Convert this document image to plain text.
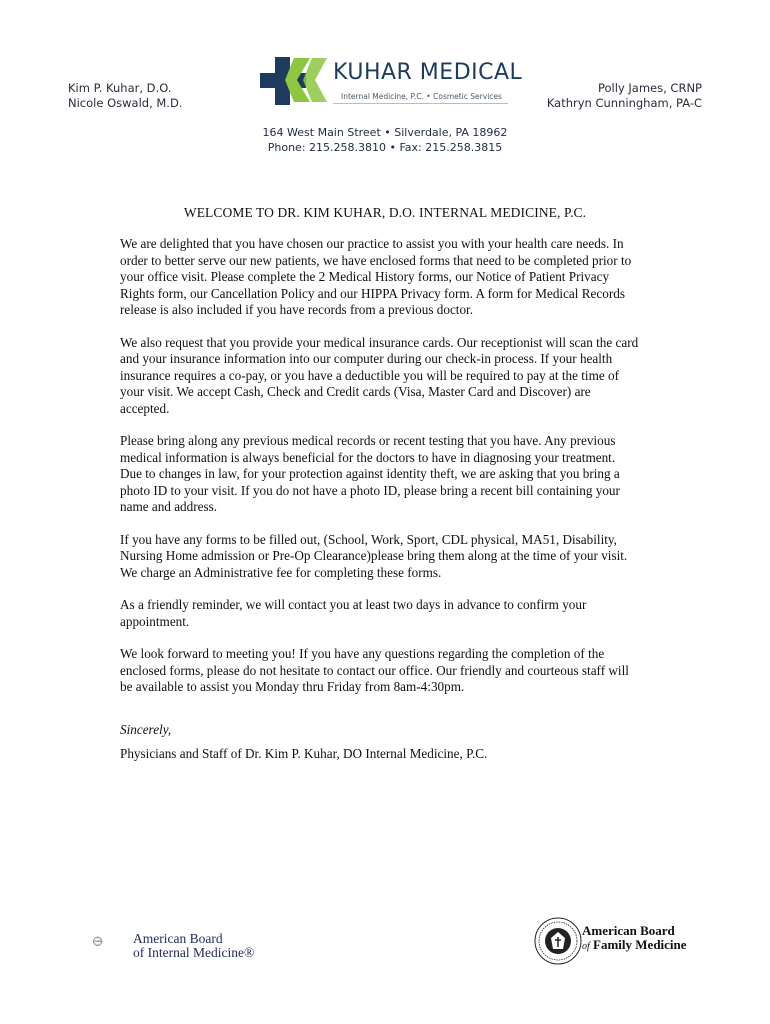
Kim P. Kuhar, D.O.
Nicole Oswald, M.D.
KUHAR MEDICAL
Internal Medicine, P.C. • Cosmetic Services
Polly James, CRNP
Kathryn Cunningham, PA-C
164 West Main Street • Silverdale, PA 18962
Phone: 215.258.3810 • Fax: 215.258.3815
WELCOME TO DR. KIM KUHAR, D.O. INTERNAL MEDICINE, P.C.

We are delighted that you have chosen our practice to assist you with your health care needs. In order to better serve our new patients, we have enclosed forms that need to be completed prior to your office visit. Please complete the 2 Medical History forms, our Notice of Patient Privacy Rights form, our Cancellation Policy and our HIPPA Privacy form. A form for Medical Records release is also included if you have records from a previous doctor.

We also request that you provide your medical insurance cards. Our receptionist will scan the card and your insurance information into our computer during our check-in process. If your health insurance requires a co-pay, or you have a deductible you will be required to pay at the time of your visit. We accept Cash, Check and Credit cards (Visa, Master Card and Discover) are accepted.

Please bring along any previous medical records or recent testing that you have. Any previous medical information is always beneficial for the doctors to have in diagnosing your treatment. Due to changes in law, for your protection against identity theft, we are asking that you bring a photo ID to your visit. If you do not have a photo ID, please bring a recent bill containing your name and address.

If you have any forms to be filled out, (School, Work, Sport, CDL physical, MA51, Disability, Nursing Home admission or Pre-Op Clearance)please bring them along at the time of your visit. We charge an Administrative fee for completing these forms.

As a friendly reminder, we will contact you at least two days in advance to confirm your appointment.

We look forward to meeting you! If you have any questions regarding the completion of the enclosed forms, please do not hesitate to contact our office. Our friendly and courteous staff will be available to assist you Monday thru Friday from 8am-4:30pm.

Sincerely,

Physicians and Staff of Dr. Kim P. Kuhar, DO Internal Medicine, P.C.

ABIM American Board
of Internal Medicine®
American Board
of Family Medicine
